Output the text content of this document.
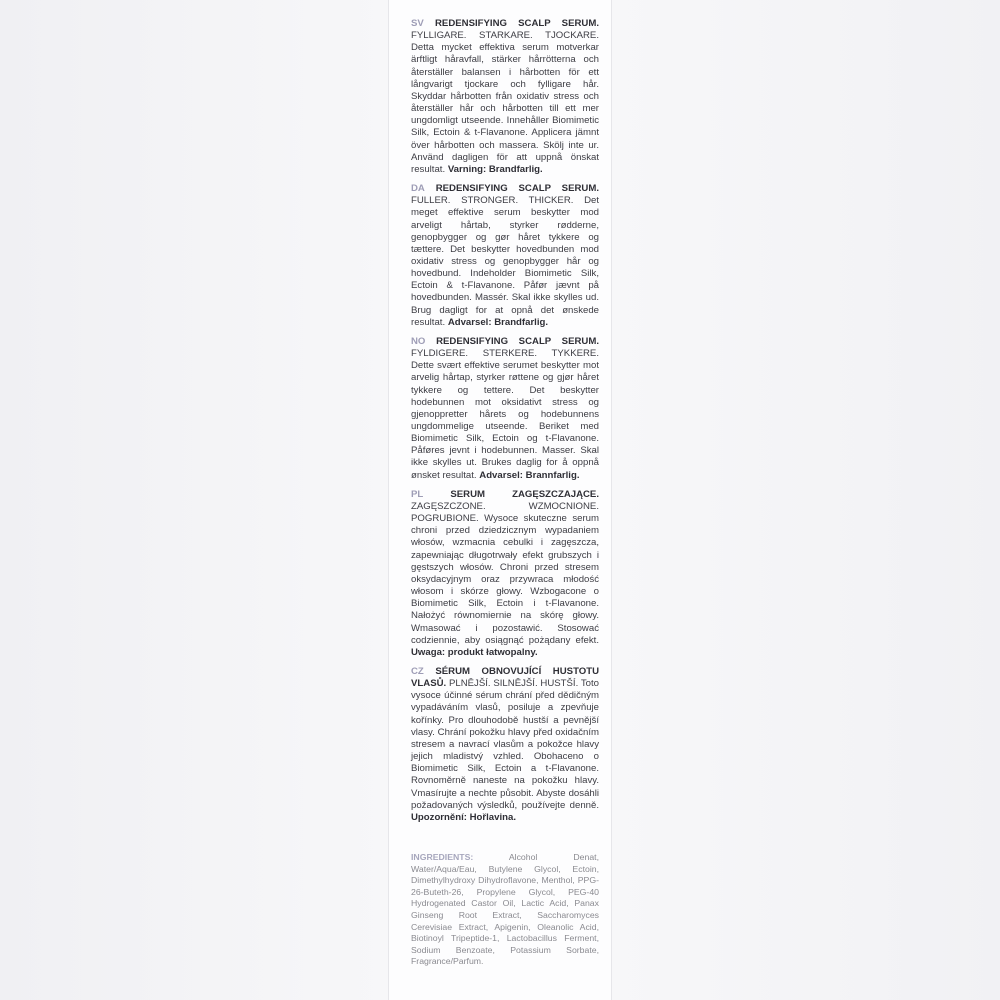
SV REDENSIFYING SCALP SERUM. FYLLIGARE. STARKARE. TJOCKARE. Detta mycket effektiva serum motverkar ärftligt håravfall, stärker hårrötterna och återställer balansen i hårbotten för ett långvarigt tjockare och fylligare hår. Skyddar hårbotten från oxidativ stress och återställer hår och hårbotten till ett mer ungdomligt utseende. Innehåller Biomimetic Silk, Ectoin & t-Flavanone. Applicera jämnt över hårbotten och massera. Skölj inte ur. Använd dagligen för att uppnå önskat resultat. Varning: Brandfarlig.

DA REDENSIFYING SCALP SERUM. FULLER. STRONGER. THICKER. Det meget effektive serum beskytter mod arveligt hårtab, styrker rødderne, genopbygger og gør håret tykkere og tættere. Det beskytter hovedbunden mod oxidativ stress og genopbygger hår og hovedbund. Indeholder Biomimetic Silk, Ectoin & t-Flavanone. Påfør jævnt på hovedbunden. Massér. Skal ikke skylles ud. Brug dagligt for at opnå det ønskede resultat. Advarsel: Brandfarlig.

NO REDENSIFYING SCALP SERUM. FYLDIGERE. STERKERE. TYKKERE. Dette svært effektive serumet beskytter mot arvelig hårtap, styrker røttene og gjør håret tykkere og tettere. Det beskytter hodebunnen mot oksidativt stress og gjenoppretter hårets og hodebunnens ungdommelige utseende. Beriket med Biomimetic Silk, Ectoin og t-Flavanone. Påføres jevnt i hodebunnen. Masser. Skal ikke skylles ut. Brukes daglig for å oppnå ønsket resultat. Advarsel: Brannfarlig.

PL	SERUM ZAGĘSZCZAJĄCE. ZAGĘSZCZONE. WZMOCNIONE. POGRUBIONE. Wysoce skuteczne serum chroni przed dziedzicznym wypadaniem włosów, wzmacnia cebulki i zagęszcza, zapewniając długotrwały efekt grubszych i gęstszych włosów. Chroni przed stresem oksydacyjnym oraz przywraca młodość włosom i skórze głowy. Wzbogacone o Biomimetic Silk, Ectoin i t-Flavanone. Nałożyć równomiernie na skórę głowy. Wmasować i pozostawić. Stosować codziennie, aby osiągnąć pożądany efekt. Uwaga: produkt łatwopalny.

CZ SÉRUM OBNOVUJÍCÍ HUSTOTU VLASŮ. PLNĚJŠÍ. SILNĚJŠÍ. HUSTŠÍ. Toto vysoce účinné sérum chrání před dědičným vypadáváním vlasů, posiluje a zpevňuje kořínky. Pro dlouhodobě hustší a pevnější vlasy. Chrání pokožku hlavy před oxidačním stresem a navrací vlasům a pokožce hlavy jejich mladistvý vzhled. Obohaceno o Biomimetic Silk, Ectoin a t-Flavanone. Rovnoměrně naneste na pokožku hlavy. Vmasírujte a nechte působit. Abyste dosáhli požadovaných výsledků, používejte denně. Upozornění: Hořlavina.

INGREDIENTS:	Alcohol Denat, Water/Aqua/Eau, Butylene Glycol, Ectoin, Dimethylhydroxy Dihydroflavone, Menthol, PPG-26-Buteth-26, Propylene Glycol, PEG-40 Hydrogenated Castor Oil, Lactic Acid, Panax Ginseng Root Extract, Saccharomyces Cerevisiae Extract, Apigenin, Oleanolic Acid, Biotinoyl Tripeptide-1, Lactobacillus Ferment, Sodium Benzoate, Potassium Sorbate, Fragrance/Parfum.
